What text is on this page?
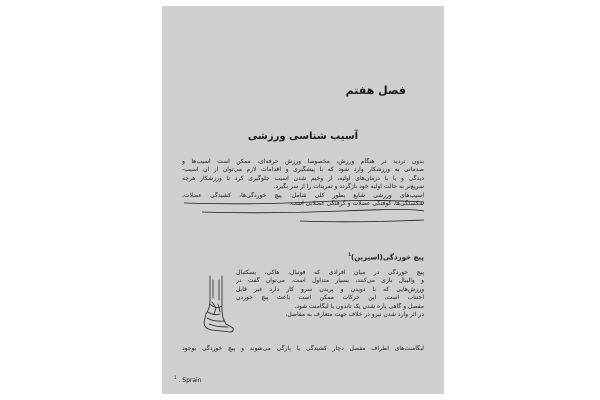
فصل هفتم
آسیب شناسی ورزشی
بدون تردید در هنگام ورزش، مخصوصا ورزش حرفه‌ای، ممکن است آسیب‌ها و
صدماتی به ورزشکار وارد شود که با پیشگیری و اقدامات لازم می‌توان از آن آسیب-
دیدگی و یا با درمان‌های اولیه، از وخیم شدن آسیب جلوگیری کرد تا ورزشکار هرچه
سریع‌تر به حالت اولیه خود بازگردد و تمرینات را از سر بگیرد.
آسیب‌های ورزشی شایع بطور کلی شامل: پیچ خوردگی‌ها، کشیدگی عضلات،
شکستگی‌ها، کوفتگی عضلات و گرفتگی عضلانی است.
پیچ خوردگی(اسپرین)$^1$
پیچ خوردگی در میان افرادی که فوتبال، هاکی، بسکتبال
و والیبال بازی می‌کنند، بسیار متداول است. می‌توان گفت در
ورزش‌هایی که با دویدن و پریدن سرو کار دارد غیر قابل
اجتناب است. این حرکات ممکن است باعث پیچ خوردن
مفصل و گاهی پاره شدن یک تاندون یا لیگامنت شود.
در اثر وارد شدن نیرو در خلاف جهت متعارف به مفاصل،
لیگامنت‌های اطراف مفصل دچار کشیدگی یا پارگی می‌شوند و پیچ خوردگی بوجود
$^1$ . Sprain
